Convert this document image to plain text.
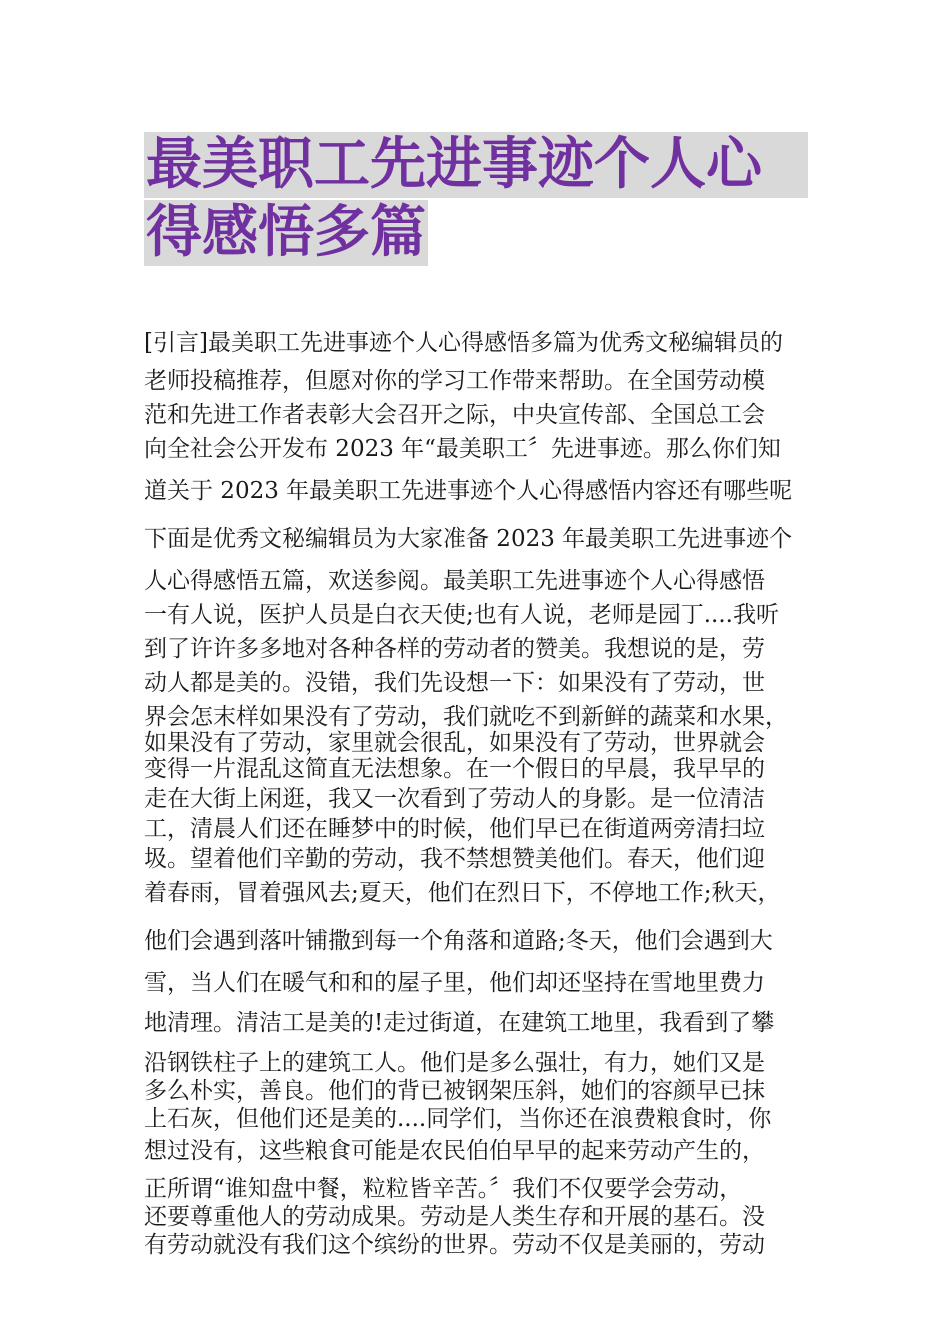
最美职工先进事迹个人心
得感悟多篇
[引言]最美职工先进事迹个人心得感悟多篇为优秀文秘编辑员的
老师投稿推荐，但愿对你的学习工作带来帮助。在全国劳动模
范和先进工作者表彰大会召开之际，中央宣传部、全国总工会
向全社会公开发布 2023 年“最美职工〞先进事迹。那么你们知
道关于 2023 年最美职工先进事迹个人心得感悟内容还有哪些呢
下面是优秀文秘编辑员为大家准备 2023 年最美职工先进事迹个
人心得感悟五篇，欢送参阅。最美职工先进事迹个人心得感悟
一有人说，医护人员是白衣天使;也有人说，老师是园丁....我听
到了许许多多地对各种各样的劳动者的赞美。我想说的是，劳
动人都是美的。没错，我们先设想一下：如果没有了劳动，世
界会怎末样如果没有了劳动，我们就吃不到新鲜的蔬菜和水果，
如果没有了劳动，家里就会很乱，如果没有了劳动，世界就会
变得一片混乱这简直无法想象。在一个假日的早晨，我早早的
走在大街上闲逛，我又一次看到了劳动人的身影。是一位清洁
工，清晨人们还在睡梦中的时候，他们早已在街道两旁清扫垃
圾。望着他们辛勤的劳动，我不禁想赞美他们。春天，他们迎
着春雨，冒着强风去;夏天，他们在烈日下，不停地工作;秋天，
他们会遇到落叶铺撒到每一个角落和道路;冬天，他们会遇到大
雪，当人们在暖气和和的屋子里，他们却还坚持在雪地里费力
地清理。清洁工是美的!走过街道，在建筑工地里，我看到了攀
沿钢铁柱子上的建筑工人。他们是多么强壮，有力，她们又是
多么朴实，善良。他们的背已被钢架压斜，她们的容颜早已抹
上石灰，但他们还是美的....同学们，当你还在浪费粮食时，你
想过没有，这些粮食可能是农民伯伯早早的起来劳动产生的，
正所谓“谁知盘中餐，粒粒皆辛苦。〞我们不仅要学会劳动，
还要尊重他人的劳动成果。劳动是人类生存和开展的基石。没
有劳动就没有我们这个缤纷的世界。劳动不仅是美丽的，劳动
